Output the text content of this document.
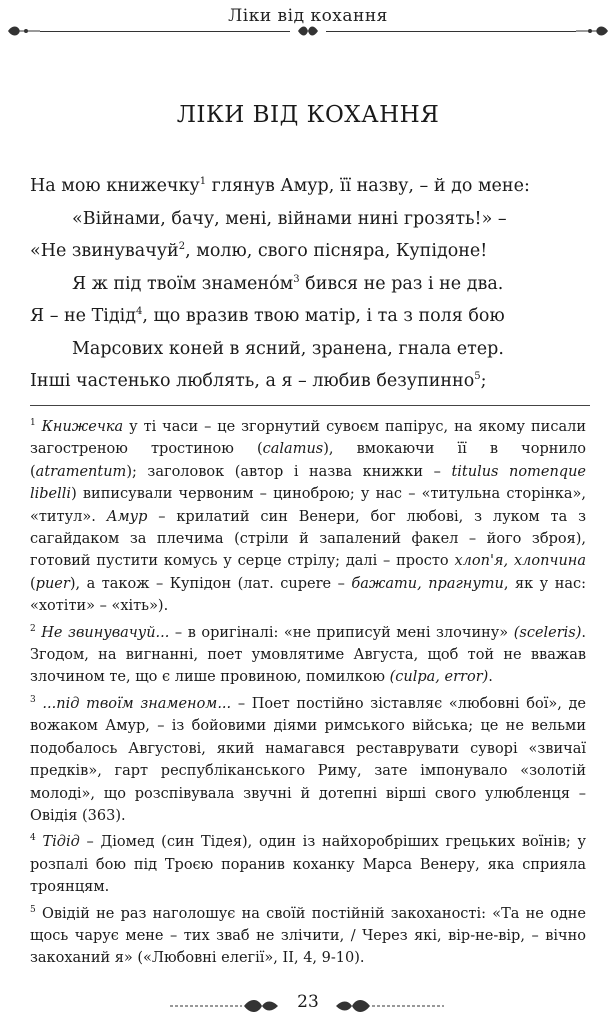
Ліки від кохання
ЛІКИ ВІД КОХАННЯ
На мою книжечку$^1$ глянув Амур, її назву, – й до мене:
«Війнами, бачу, мені, війнами нині грозять!» –
«Не звинувачуй$^2$, молю, свого пісняра, Купідоне!
Я ж під твоїм знаменóм$^3$ бився не раз і не два.
Я – не Тідід$^4$, що вразив твою матір, і та з поля бою
Марсових коней в ясний, зранена, гнала етер.
Інші частенько люблять, а я – любив безупинно$^5$;

$^1$ Книжечка у ті часи – це згорнутий сувоєм папірус, на якому писали загостреною тростиною (calamus), вмокаючи її в чорнило (atramentum); заголовок (автор і назва книжки – titulus nomenque libelli) виписували червоним – циноброю; у нас – «титульна сторінка», «титул». Амур – крилатий син Венери, бог любові, з луком та з сагайдаком за плечима (стріли й запалений факел – його зброя), готовий пустити комусь у серце стрілу; далі – просто хлоп'я, хлопчина (puer), а також – Купідон (лат. cupere – бажати, прагнути, як у нас: «хотіти» – «хіть»).

$^2$ Не звинувачуй... – в оригіналі: «не приписуй мені злочину» (sceleris). Згодом, на вигнанні, поет умовлятиме Августа, щоб той не вважав злочином те, що є лише провиною, помилкою (culpa, error).

$^3$ ...під твоїм знаменом... – Поет постійно зіставляє «любовні бої», де вожаком Амур, – із бойовими діями римського війська; це не вельми подобалось Августові, який намагався реставрувати суворі «звичаї предків», гарт республіканського Риму, зате імпонувало «золотій молоді», що розспівувала звучні й дотепні вірші свого улюбленця – Овідія (363).

$^4$ Тідід – Діомед (син Тідея), один із найхоробріших грецьких воїнів; у розпалі бою під Троєю поранив коханку Марса Венеру, яка сприяла троянцям.

$^5$ Овідій не раз наголошує на своїй постійній закоханості: «Та не одне щось чарує мене – тих зваб не злічити, / Через які, вір-не-вір, – вічно закоханий я» («Любовні елегії», II, 4, 9-10).

23
